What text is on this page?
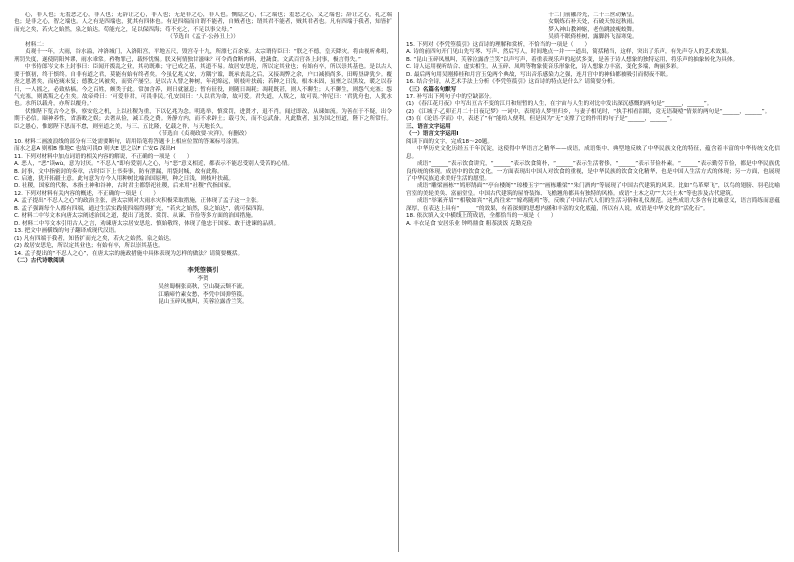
心，非人也；无羞恶之心，非人也；无辞让之心，非人也；无是非之心，非人也。恻隐之心，仁之端也；羞恶之心，义之端也；辞让之心，礼之端也；是非之心，智之端也。人之有是四端也，犹其有四体也。有是四端而自谓不能者，自贼者也；谓其君不能者，贼其君者也。凡有四端于我者，知皆扩而充之矣，若火之始然，泉之始达。苟能充之，足以保四海；苟不充之，不足以事父母。”

（节选自《孟子·公孙丑上》）

材料二：

贞观十一年，大雨，谷水溢，冲洛城门，入洛阳宫，平地五尺，毁宫寺十九，所漂七百余家。太宗谓侍臣曰：“朕之不德，皇天降灾。将由视听弗明，刑罚失度，遂使阴阳舛谬，雨水乖常。矜物罪己，载怀忧惕。朕又何情独甘滋味？可令尚食断肉料，进蔬食。文武百官各上封事，极言得失。”

中书侍郎岑文本上封事曰：臣闻开拨乱之业，其功既难；守已成之基，其道不易。故居安思危，所以定其业也；有始有卒，所以崇其基也。是以古人要于慎初，终于慎终。自非有道之君，莫能有始有终者矣。今虽亿兆乂安，方隅宁谧，既承丧乱之后，又接凋弊之余，户口减损尚多，田畴垦辟犹少。覆焘之恩著矣，而疮痍未复；德教之风被矣，而资产屡空。是以古人譬之种树，年祀绵远，则枝叶扶疏；若种之日浅，根本未固，虽壅之以黑坟，暖之以春日，一人摇之，必致枯槁。今之百姓，颇类于此。常加含养，则日就滋息；暂有征役，则随日凋耗；凋耗既甚，则人不聊生；人不聊生，则怨气充塞；怨气充塞，则离叛之心生矣。故帝舜曰：‘可爱非君，可畏非民。’孔安国曰：‘人以君为命，故可爱。君失道，人叛之，故可畏。’仲尼曰：‘君犹舟也，人犹水也。水所以载舟，亦所以覆舟。’

伏惟陛下览古今之事，察安危之机，上以社稷为重，下以亿兆为念。明选举，慎赏罚，进贤才，退不肖。闻过即改，从谏如流。为善在于不疑，出令期于必信。颐神养性，省游畋之娱；去奢从俭，减工役之费。务静方内，而不求辟土；载弓矢，而不忘武备。凡此数者，虽为国之恒道，陛下之所常行。臣之愚心，惟愿陛下思而不怠，则至道之美，与三、五比隆，亿载之祚，与天地长久。

（节选自《贞观政要·灾祥》，有删改）

10. 材料二画波浪线的部分有三处需要断句，请用铅笔将答题卡上相应位置的答案标号涂黑。

而水之息A 则相B 惟地C 也故可畏D 则夫E 思之以F 亡安G 深出H

11. 下列对材料中加点词语的相关内容的解说，不正确的一项是（　　）

A. 恶人，“恶”读wù，意为讨厌。“不忍人”即有爱别人之心，与“恶”意义相近，都表示不能忍受别人受苦的心情。

B. 封事，文中指密封的奏章，古时臣下上书奏事，防有泄漏，用袋封缄，故有此称。

C. 启迪，犹开拓疆土意。此句意为方今人用种树比喻治国原理，种之日浅，则枝叶扶疏。

D. 社稷，国家的代称，本指土神和谷神，古时君主都祭祀社稷，后来用“社稷”代指国家。

12. 下列对材料有关内容的概述，不正确的一项是（　　）

A. 孟子提出“不忍人之心”的政治主张，唐太宗则对大雨水灾积极采取措施，正体现了孟子这一主张。

B. 孟子强调每个人都有四端，通过生活实践使四端得到扩充，“若火之始然，泉之始达”，就可保四海。

C. 材料二中岑文本向唐太宗阐述治国之道，提出了选贤、赏罚、从谏、节俭等多方面的治国措施。

D. 材料二中岑文本引用古人之言，劝谏唐太宗居安思危、慎始敬终，体现了他忠于国家、敢于进谏的品质。

13. 把文中画横线的句子翻译成现代汉语。

(1) 凡有四端于我者，知皆扩而充之矣，若火之始然，泉之始达。

(2) 故居安思危，所以定其业也；有始有卒，所以崇其基也。

14. 孟子提出的“不忍人之心”，在唐太宗的施政措施中具体表现为怎样的做法？请简要概括。

（二）古代诗歌阅读

李凭箜篌引

李贺

吴丝蜀桐张高秋，空山凝云颓不流。

江娥啼竹素女愁，李凭中国弹箜篌。

昆山玉碎凤凰叫，芙蓉泣露香兰笑。

十二门前融冷光，二十三丝动紫皇。

女娲炼石补天处，石破天惊逗秋雨。

梦入神山教神妪，老鱼跳波瘦蛟舞。

吴质不眠倚桂树，露脚斜飞湿寒兔。

15. 下列对《李凭箜篌引》这首诗的理解和赏析，不恰当的一项是（　　）

A. 诗的前四句开门见山先写琴、写声、然后写人，时间地点一并一一道出，简括精当，这样，突出了乐声，有先声夺人的艺术效果。

B. “昆山玉碎凤凰叫，芙蓉泣露香兰笑”以声写声，着重表现乐声的起伏多变，是善于诗人想象的独特运用，将乐声的抽象转化为具体。

C. 诗人运用视听结合、虚实相生，从玉碎、凤鸣等物象使音乐形象化，诗人想象力丰富，变化多端，绚丽多彩。

D. 最后两句用吴刚捧桂和月宫玉兔两个典故，写出音乐感染力之强，连月宫中的神仙都被吸引而彻夜不眠。

16. 结合全诗，从艺术手法上分析《李凭箜篌引》这首诗的特点是什么？请简要分析。

（三）名篇名句默写

17. 补写出下列句子中的空缺部分。

(1) 《春江花月夜》中写出亘古不变的江月和短暂的人生，在宇宙与人生的对比中发出深沉感慨的两句是“______，______”。

(2) 《江城子·乙卯正月二十日夜记梦》一词中，表现诗人梦里归乡，与妻子相见时，“执手相看泪眼，竟无语凝噎”情景的两句是“______，______”。

(3) 在《论语·学而》中，表述了“有”能给人便利，但是因为“无”支撑了它的作用的句子是“______，______”。

三、语言文字运用

（一）语言文字运用Ⅰ

阅读下面的文字，完成18～20题。

中华历史文化历经五千年沉淀，这使得中华语言之精华——成语，成语集中、典型地反映了中华民族文化的特征，蕴含着丰富的中华传统文化信息。

成语“______”表示饮食讲究，“______”表示饮食简朴，“______”表示生活奢侈，“______”表示节俭朴素。“______”表示勤劳节俭，都是中华民族优良传统的体现。成语中的饮食文化，一方面表现出中国人对饮食的重视，是中华民族的饮食文化精华，也是中国人生活方式的体现；另一方面，也展现了中华民族追求美好生活的愿望。

成语“雕梁画栋”“鸠形鹄面”“亭台楼阁”“琼楼玉宇”“画栋雕梁”“朱门酒肉”等展现了中国古代建筑的风采。比如“鸟革翚飞”，以鸟的翅膀、羽毛比喻宫室的美轮美奂、富丽堂皇。中国古代建筑的屋脊装饰、飞檐翘角都具有独特的风格。成语“土木之功”“大兴土木”等也涉及古代建筑。

成语“举案齐眉”“相敬如宾”“礼尚往来”“嫁鸡随鸡”等，反映了中国古代人们的生活习俗和礼仪规范。这些成语大多含有比喻意义，语言简练而意蕴深厚，在表达上具有“______”的效果，有着深刻的思想内涵和丰富的文化底蕴，所以有人说，成语是中华文化的“活化石”。

18. 依次填入文中横线上的成语，全都恰当的一项是（　　）

A. 丰衣足食 安居乐业 钟鸣鼎食 粗茶淡饭 克勤克俭
